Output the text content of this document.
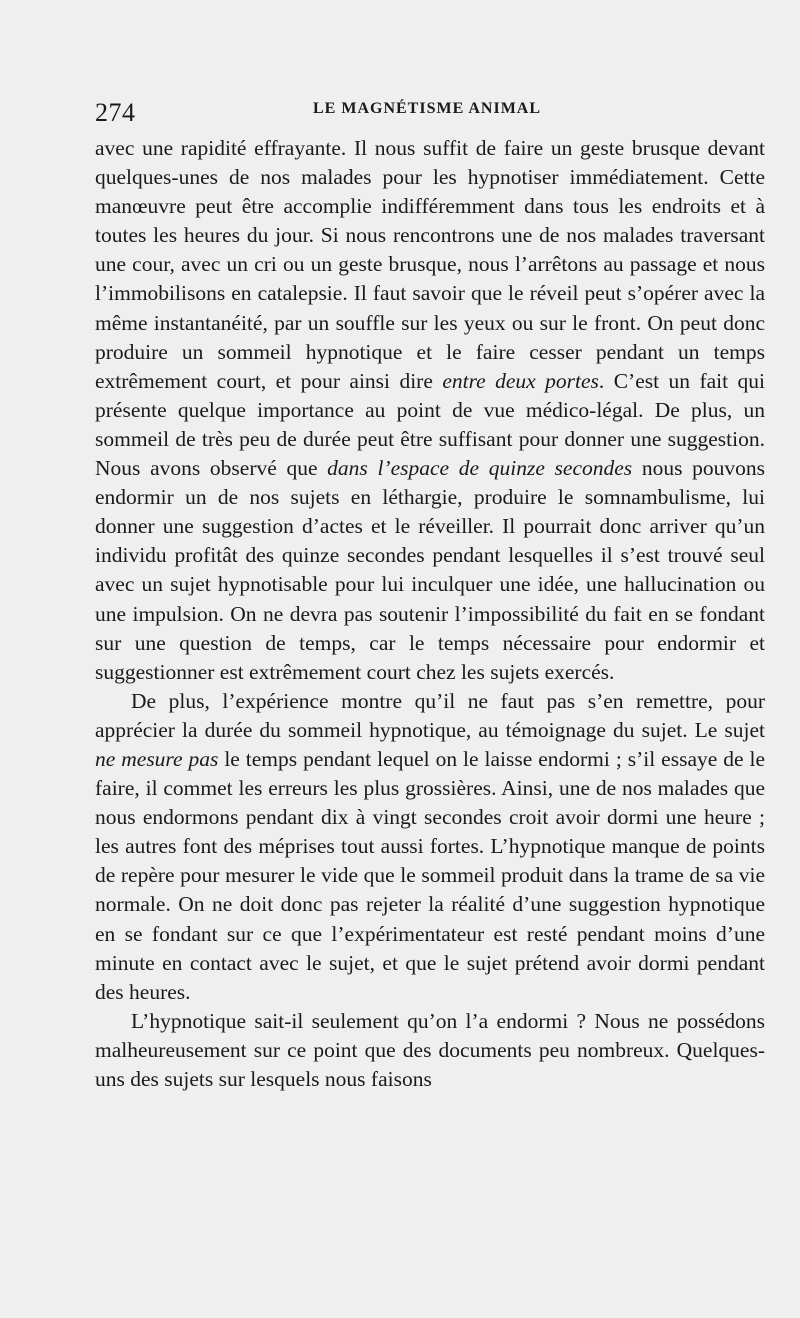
274	LE MAGNÉTISME ANIMAL

avec une rapidité effrayante. Il nous suffit de faire un geste brusque devant quelques-unes de nos malades pour les hypnotiser immédiatement. Cette manœuvre peut être accomplie indifféremment dans tous les endroits et à toutes les heures du jour. Si nous rencontrons une de nos malades traversant une cour, avec un cri ou un geste brusque, nous l’arrêtons au passage et nous l’immobilisons en catalepsie. Il faut savoir que le réveil peut s’opérer avec la même instantanéité, par un souffle sur les yeux ou sur le front. On peut donc produire un sommeil hypnotique et le faire cesser pendant un temps extrêmement court, et pour ainsi dire entre deux portes. C’est un fait qui présente quelque importance au point de vue médico-légal. De plus, un sommeil de très peu de durée peut être suffisant pour donner une suggestion. Nous avons observé que dans l’espace de quinze secondes nous pouvons endormir un de nos sujets en léthargie, produire le somnambulisme, lui donner une suggestion d’actes et le réveiller. Il pourrait donc arriver qu’un individu profitât des quinze secondes pendant lesquelles il s’est trouvé seul avec un sujet hypnotisable pour lui inculquer une idée, une hallucination ou une impulsion. On ne devra pas soutenir l’impossibilité du fait en se fondant sur une question de temps, car le temps nécessaire pour endormir et suggestionner est extrêmement court chez les sujets exercés.

De plus, l’expérience montre qu’il ne faut pas s’en remettre, pour apprécier la durée du sommeil hypnotique, au témoignage du sujet. Le sujet ne mesure pas le temps pendant lequel on le laisse endormi ; s’il essaye de le faire, il commet les erreurs les plus grossières. Ainsi, une de nos malades que nous endormons pendant dix à vingt secondes croit avoir dormi une heure ; les autres font des méprises tout aussi fortes. L’hypnotique manque de points de repère pour mesurer le vide que le sommeil produit dans la trame de sa vie normale. On ne doit donc pas rejeter la réalité d’une suggestion hypnotique en se fondant sur ce que l’expérimentateur est resté pendant moins d’une minute en contact avec le sujet, et que le sujet prétend avoir dormi pendant des heures.

L’hypnotique sait-il seulement qu’on l’a endormi ? Nous ne possédons malheureusement sur ce point que des documents peu nombreux. Quelques-uns des sujets sur lesquels nous faisons
